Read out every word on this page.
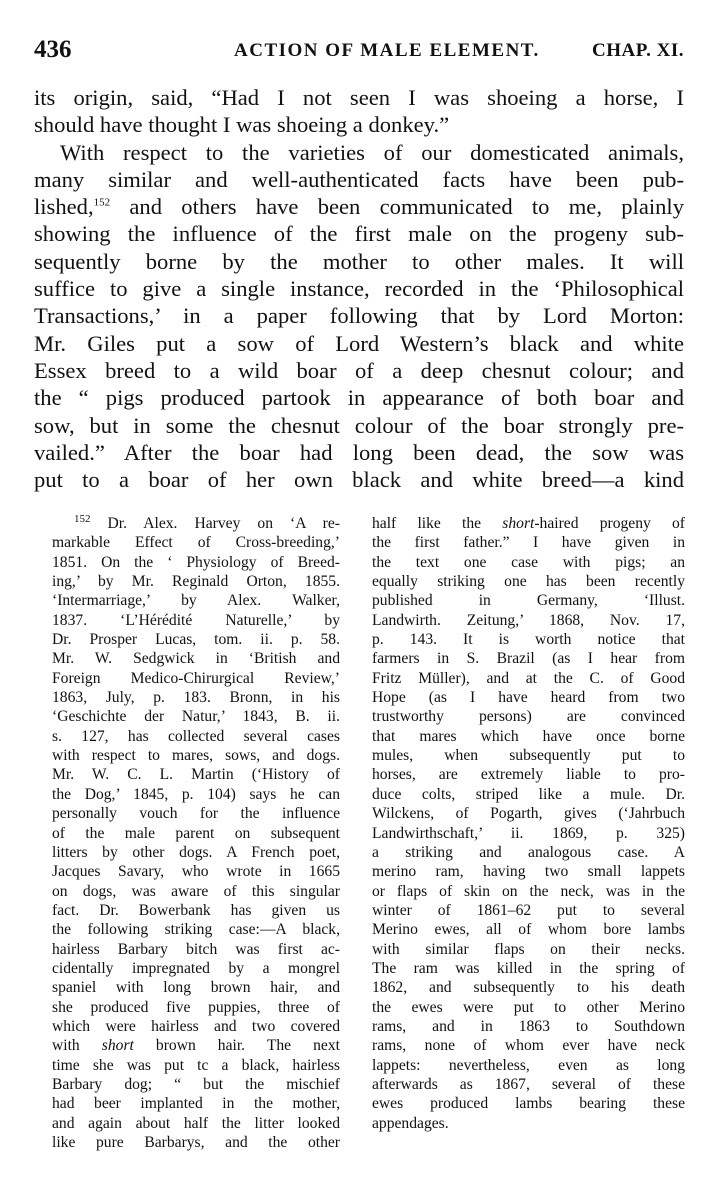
436	ACTION OF MALE ELEMENT.	CHAP. XI.
its origin, said, “Had I not seen I was shoeing a horse, I
should have thought I was shoeing a donkey.”
With respect to the varieties of our domesticated animals,
many similar and well-authenticated facts have been pub-
lished,$^{152}$ and others have been communicated to me, plainly
showing the influence of the first male on the progeny sub-
sequently borne by the mother to other males. It will
suffice to give a single instance, recorded in the ‘Philosophical
Transactions,’ in a paper following that by Lord Morton:
Mr. Giles put a sow of Lord Western’s black and white
Essex breed to a wild boar of a deep chesnut colour; and
the “ pigs produced partook in appearance of both boar and
sow, but in some the chesnut colour of the boar strongly pre-
vailed.” After the boar had long been dead, the sow was
put to a boar of her own black and white breed—a kind
$^{152}$ Dr. Alex. Harvey on ‘A re-
markable Effect of Cross-breeding,’
1851. On the ‘ Physiology of Breed-
ing,’ by Mr. Reginald Orton, 1855.
‘Intermarriage,’ by Alex. Walker,
1837. ‘L’Hérédité Naturelle,’ by
Dr. Prosper Lucas, tom. ii. p. 58.
Mr. W. Sedgwick in ‘British and
Foreign Medico-Chirurgical Review,’
1863, July, p. 183. Bronn, in his
‘Geschichte der Natur,’ 1843, B. ii.
s. 127, has collected several cases
with respect to mares, sows, and dogs.
Mr. W. C. L. Martin (‘History of
the Dog,’ 1845, p. 104) says he can
personally vouch for the influence
of the male parent on subsequent
litters by other dogs. A French poet,
Jacques Savary, who wrote in 1665
on dogs, was aware of this singular
fact. Dr. Bowerbank has given us
the following striking case:—A black,
hairless Barbary bitch was first ac-
cidentally impregnated by a mongrel
spaniel with long brown hair, and
she produced five puppies, three of
which were hairless and two covered
with short brown hair. The next
time she was put tc a black, hairless
Barbary dog; “ but the mischief
had beer implanted in the mother,
and again about half the litter looked
like pure Barbarys, and the other
half like the short-haired progeny of
the first father.” I have given in
the text one case with pigs; an
equally striking one has been recently
published in Germany, ‘Illust.
Landwirth. Zeitung,’ 1868, Nov. 17,
p. 143. It is worth notice that
farmers in S. Brazil (as I hear from
Fritz Müller), and at the C. of Good
Hope (as I have heard from two
trustworthy persons) are convinced
that mares which have once borne
mules, when subsequently put to
horses, are extremely liable to pro-
duce colts, striped like a mule. Dr.
Wilckens, of Pogarth, gives (‘Jahrbuch
Landwirthschaft,’ ii. 1869, p. 325)
a striking and analogous case. A
merino ram, having two small lappets
or flaps of skin on the neck, was in the
winter of 1861–62 put to several
Merino ewes, all of whom bore lambs
with similar flaps on their necks.
The ram was killed in the spring of
1862, and subsequently to his death
the ewes were put to other Merino
rams, and in 1863 to Southdown
rams, none of whom ever have neck
lappets: nevertheless, even as long
afterwards as 1867, several of these
ewes produced lambs bearing these
appendages.
